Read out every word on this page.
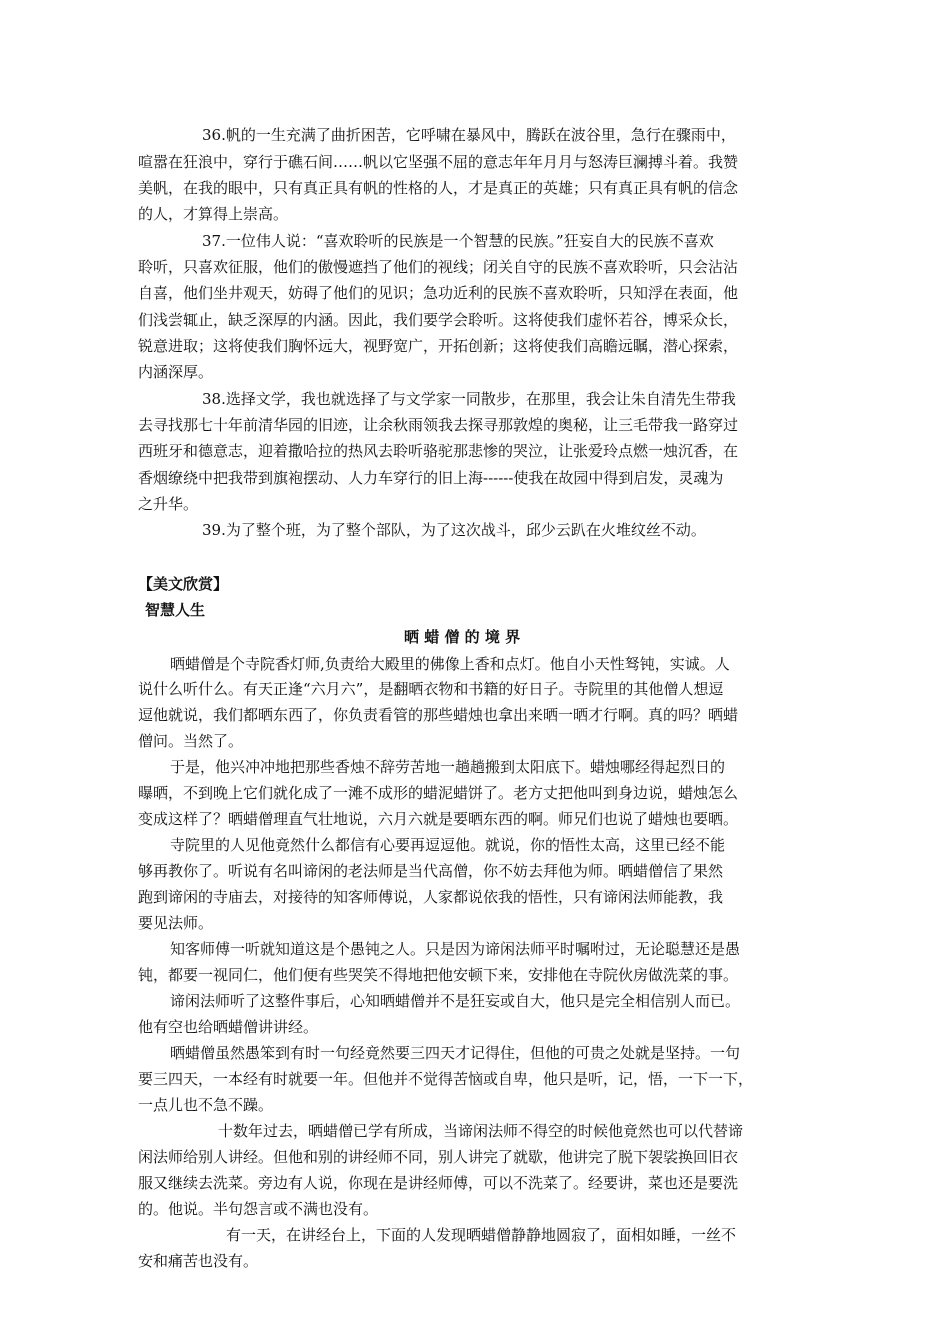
36.帆的一生充满了曲折困苦，它呼啸在暴风中，腾跃在波谷里，急行在骤雨中，
喧嚣在狂浪中，穿行于礁石间……帆以它坚强不屈的意志年年月月与怒涛巨澜搏斗着。我赞
美帆，在我的眼中，只有真正具有帆的性格的人，才是真正的英雄；只有真正具有帆的信念
的人，才算得上崇高。
37.一位伟人说：“喜欢聆听的民族是一个智慧的民族。”狂妄自大的民族不喜欢
聆听，只喜欢征服，他们的傲慢遮挡了他们的视线；闭关自守的民族不喜欢聆听，只会沾沾
自喜，他们坐井观天，妨碍了他们的见识；急功近利的民族不喜欢聆听，只知浮在表面，他
们浅尝辄止，缺乏深厚的内涵。因此，我们要学会聆听。这将使我们虚怀若谷，博采众长，
锐意进取；这将使我们胸怀远大，视野宽广，开拓创新；这将使我们高瞻远瞩，潜心探索，
内涵深厚。
38.选择文学，我也就选择了与文学家一同散步，在那里，我会让朱自清先生带我
去寻找那七十年前清华园的旧迹，让余秋雨领我去探寻那敦煌的奥秘，让三毛带我一路穿过
西班牙和德意志，迎着撒哈拉的热风去聆听骆驼那悲惨的哭泣，让张爱玲点燃一烛沉香，在
香烟缭绕中把我带到旗袍摆动、人力车穿行的旧上海------使我在故园中得到启发，灵魂为
之升华。
39.为了整个班，为了整个部队，为了这次战斗，邱少云趴在火堆纹丝不动。
【美文欣赏】
智慧人生
晒 蜡 僧 的 境 界
晒蜡僧是个寺院香灯师,负责给大殿里的佛像上香和点灯。他自小天性驽钝，实诚。人
说什么听什么。有天正逢“六月六”，是翻晒衣物和书籍的好日子。寺院里的其他僧人想逗
逗他就说，我们都晒东西了，你负责看管的那些蜡烛也拿出来晒一晒才行啊。真的吗？晒蜡
僧问。当然了。
于是，他兴冲冲地把那些香烛不辞劳苦地一趟趟搬到太阳底下。蜡烛哪经得起烈日的
曝晒，不到晚上它们就化成了一滩不成形的蜡泥蜡饼了。老方丈把他叫到身边说，蜡烛怎么
变成这样了？晒蜡僧理直气壮地说，六月六就是要晒东西的啊。师兄们也说了蜡烛也要晒。
寺院里的人见他竟然什么都信有心要再逗逗他。就说，你的悟性太高，这里已经不能
够再教你了。听说有名叫谛闲的老法师是当代高僧，你不妨去拜他为师。晒蜡僧信了果然
跑到谛闲的寺庙去，对接待的知客师傅说，人家都说依我的悟性，只有谛闲法师能教，我
要见法师。
知客师傅一听就知道这是个愚钝之人。只是因为谛闲法师平时嘱咐过，无论聪慧还是愚
钝，都要一视同仁，他们便有些哭笑不得地把他安顿下来，安排他在寺院伙房做洗菜的事。
谛闲法师听了这整件事后，心知晒蜡僧并不是狂妄或自大，他只是完全相信别人而已。
他有空也给晒蜡僧讲讲经。
晒蜡僧虽然愚笨到有时一句经竟然要三四天才记得住，但他的可贵之处就是坚持。一句
要三四天，一本经有时就要一年。但他并不觉得苦恼或自卑，他只是听，记，悟，一下一下，
一点儿也不急不躁。
十数年过去，晒蜡僧已学有所成，当谛闲法师不得空的时候他竟然也可以代替谛
闲法师给别人讲经。但他和别的讲经师不同，别人讲完了就歇，他讲完了脱下袈裟换回旧衣
服又继续去洗菜。旁边有人说，你现在是讲经师傅，可以不洗菜了。经要讲，菜也还是要洗
的。他说。半句怨言或不满也没有。
有一天，在讲经台上，下面的人发现晒蜡僧静静地圆寂了，面相如睡，一丝不
安和痛苦也没有。
